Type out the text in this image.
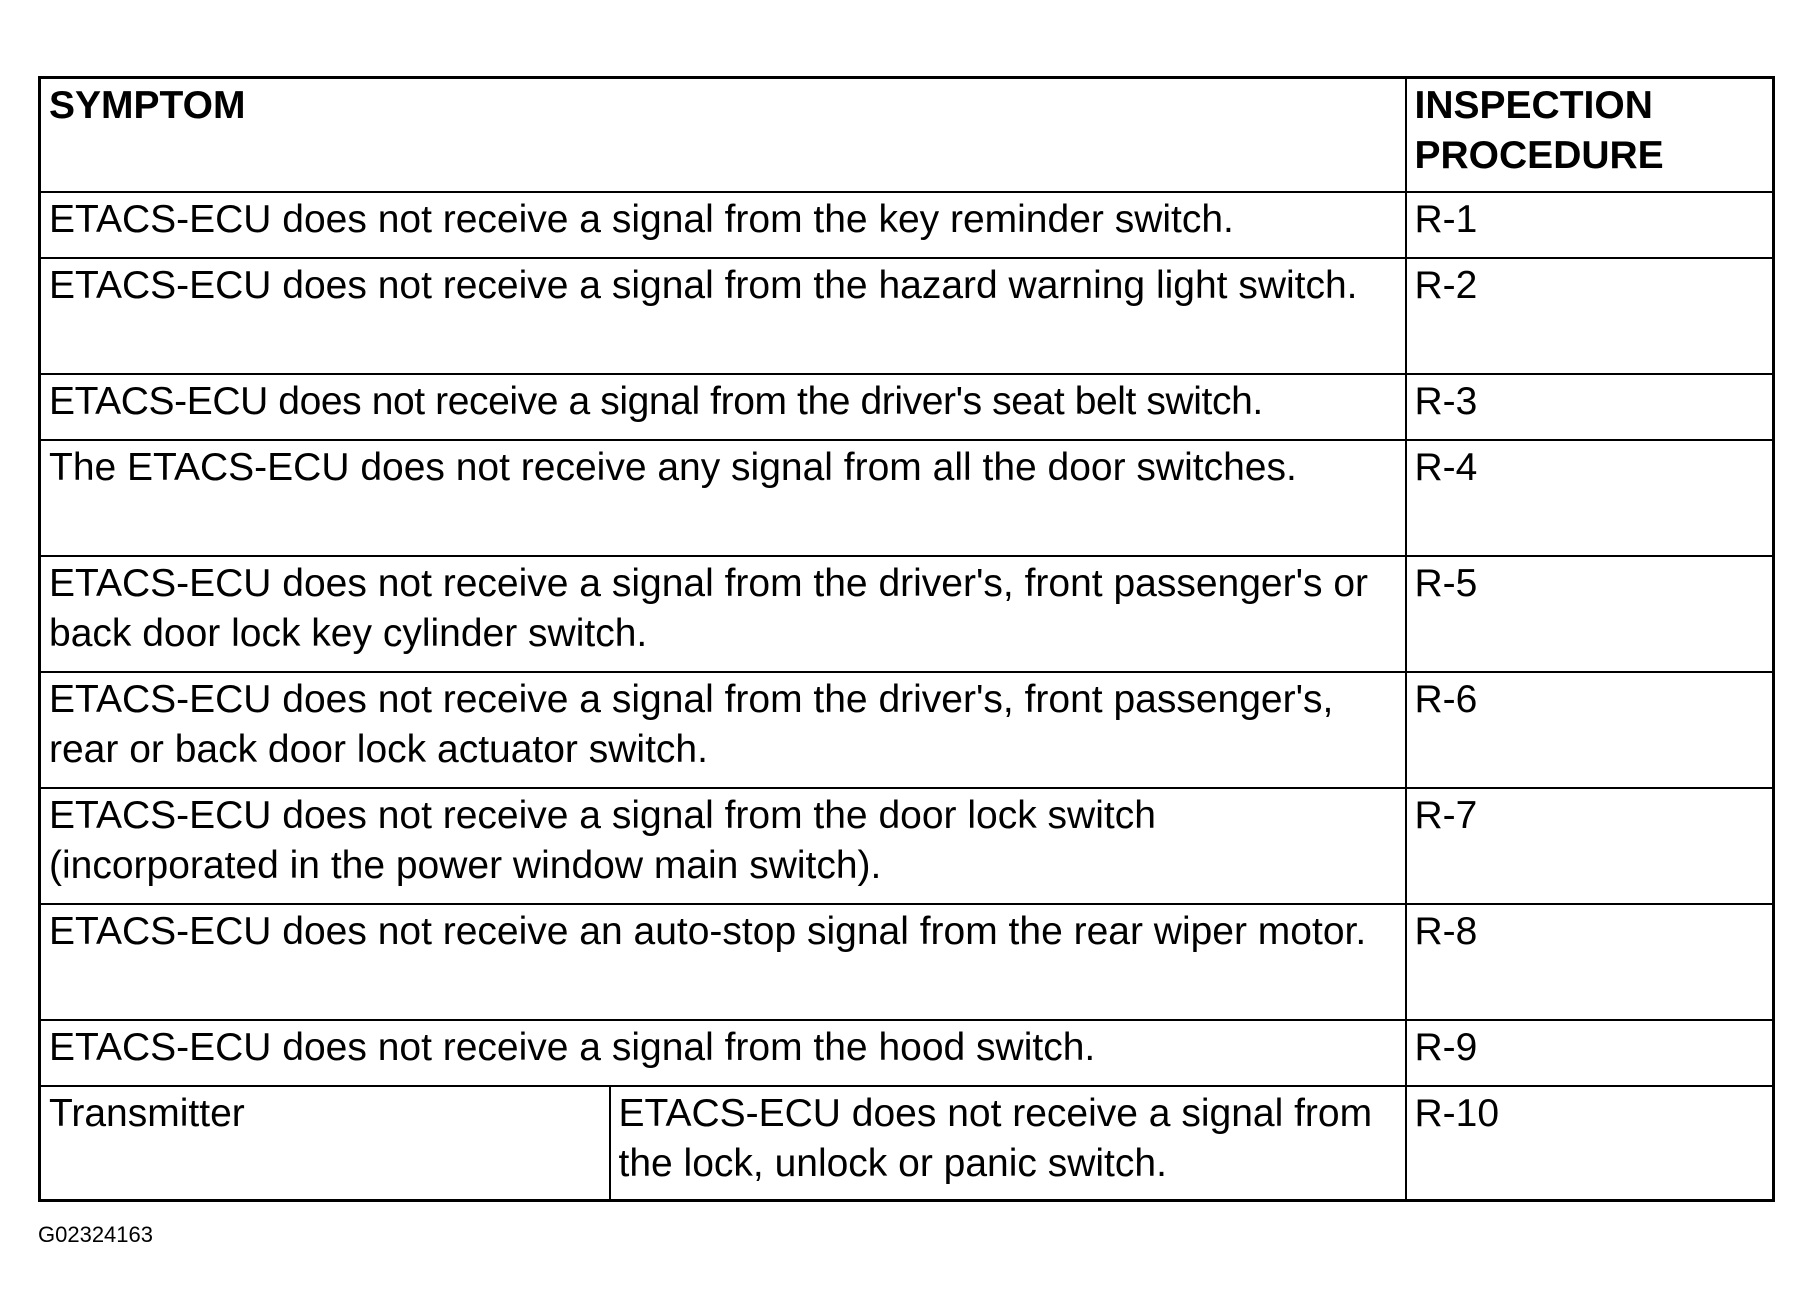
SYMPTOM		INSPECTION
PROCEDURE
ETACS-ECU does not receive a signal from the key reminder switch.		R-1
ETACS-ECU does not receive a signal from the hazard warning light switch.		R-2
ETACS-ECU does not receive a signal from the driver's seat belt switch.		R-3
The ETACS-ECU does not receive any signal from all the door switches.		R-4
ETACS-ECU does not receive a signal from the driver's, front passenger's or back door lock key cylinder switch.		R-5
ETACS-ECU does not receive a signal from the driver's, front passenger's, rear or back door lock actuator switch.		R-6
ETACS-ECU does not receive a signal from the door lock switch (incorporated in the power window main switch).		R-7
ETACS-ECU does not receive an auto-stop signal from the rear wiper motor.		R-8
ETACS-ECU does not receive a signal from the hood switch.		R-9
Transmitter	ETACS-ECU does not receive a signal from the lock, unlock or panic switch.	R-10
G02324163
